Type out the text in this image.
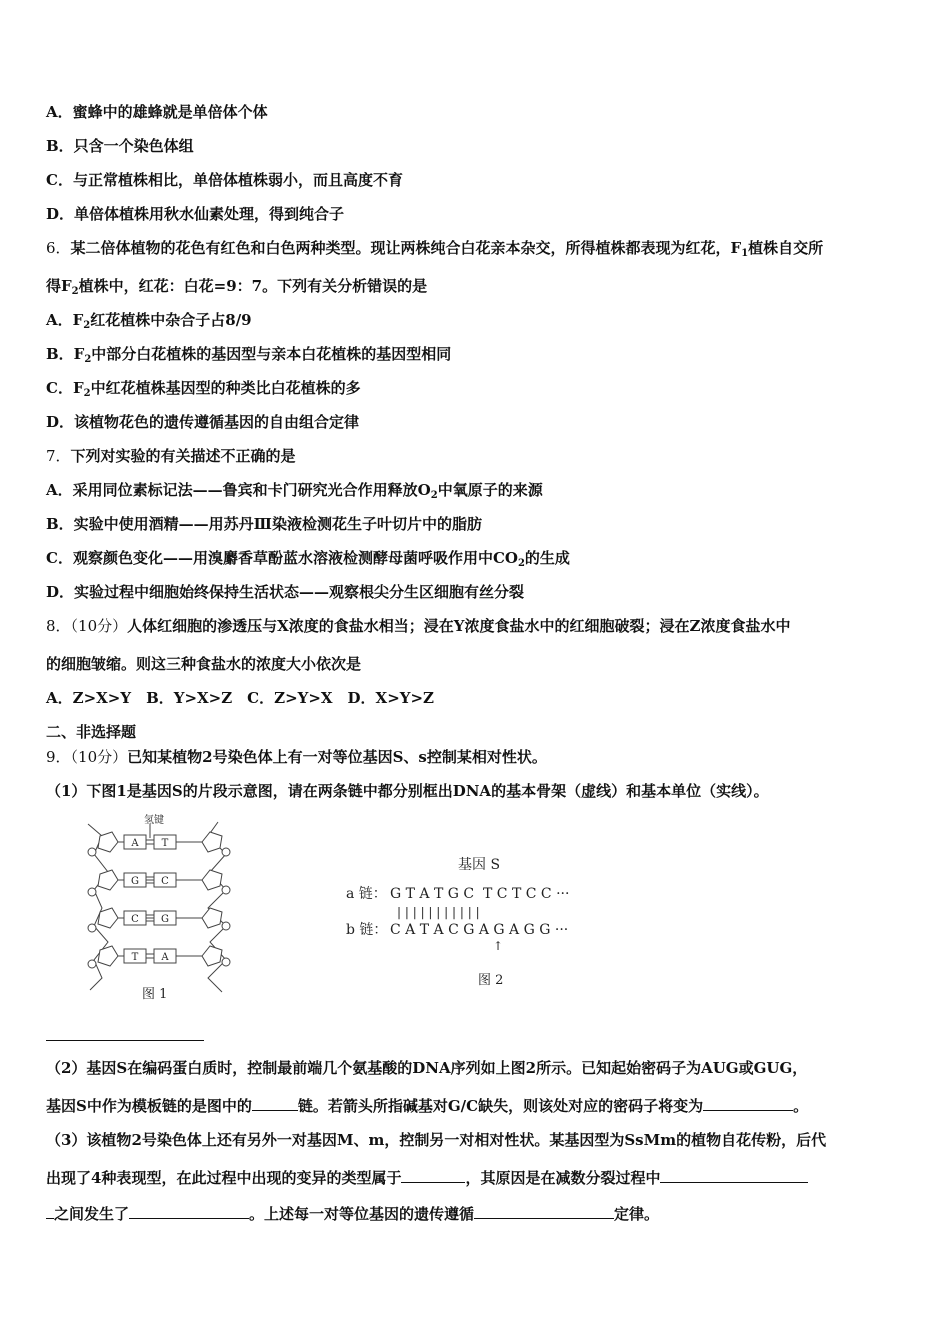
A．蜜蜂中的雄蜂就是单倍体个体
B．只含一个染色体组
C．与正常植株相比，单倍体植株弱小，而且高度不育
D．单倍体植株用秋水仙素处理，得到纯合子
6．某二倍体植物的花色有红色和白色两种类型。现让两株纯合白花亲本杂交，所得植株都表现为红花，$F_1$植株自交所
得$F_2$植株中，红花：白花=9：7。下列有关分析错误的是
A．$F_2$红花植株中杂合子占8/9
B．$F_2$中部分白花植株的基因型与亲本白花植株的基因型相同
C．$F_2$中红花植株基因型的种类比白花植株的多
D．该植物花色的遗传遵循基因的自由组合定律
7．下列对实验的有关描述不正确的是
A．采用同位素标记法——鲁宾和卡门研究光合作用释放$O_2$中氧原子的来源
B．实验中使用酒精——用苏丹Ⅲ染液检测花生子叶切片中的脂肪
C．观察颜色变化——用溴麝香草酚蓝水溶液检测酵母菌呼吸作用中$CO_2$的生成
D．实验过程中细胞始终保持生活状态——观察根尖分生区细胞有丝分裂
8．（10分）人体红细胞的渗透压与X浓度的食盐水相当；浸在Y浓度食盐水中的红细胞破裂；浸在Z浓度食盐水中
的细胞皱缩。则这三种食盐水的浓度大小依次是
A．Z>X>Y　B．Y>X>Z　C．Z>Y>X　D．X>Y>Z
二、非选择题
9．（10分）已知某植物2号染色体上有一对等位基因S、s控制某相对性状。
（1）下图1是基因S的片段示意图，请在两条链中都分别框出DNA的基本骨架（虚线）和基本单位（实线）。
氢键
A T
G C
C G
T A
图 1
基因 S
a 链： G T A T G C  T C T C C ···
| | | | | | | | | | |
b 链： C A T A C G A G A G G ···
↑
图 2
（2）基因S在编码蛋白质时，控制最前端几个氨基酸的DNA序列如上图2所示。已知起始密码子为AUG或GUG，
基因S中作为模板链的是图中的	链。若箭头所指碱基对G/C缺失，则该处对应的密码子将变为	。
（3）该植物2号染色体上还有另外一对基因M、m，控制另一对相对性状。某基因型为SsMm的植物自花传粉，后代
出现了4种表现型，在此过程中出现的变异的类型属于	，其原因是在减数分裂过程中
之间发生了	。上述每一对等位基因的遗传遵循	定律。
